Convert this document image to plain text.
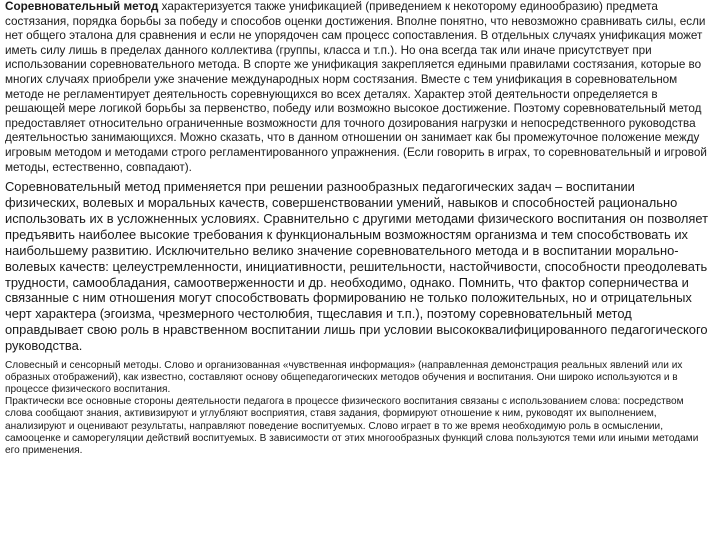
Соревновательный метод характеризуется также унификацией (приведением к некоторому единообразию) предмета состязания, порядка борьбы за победу и способов оценки достижения. Вполне понятно, что невозможно сравнивать силы, если нет общего эталона для сравнения и если не упорядочен сам процесс сопоставления. В отдельных случаях унификация может иметь силу лишь в пределах данного коллектива (группы, класса и т.п.). Но она всегда так или иначе присутствует при использовании соревновательного метода. В спорте же унификация закрепляется едиными правилами состязания, которые во многих случаях приобрели уже значение международных норм состязания. Вместе с тем унификация в соревновательном методе не регламентирует деятельность соревнующихся во всех деталях. Характер этой деятельности определяется в решающей мере логикой борьбы за первенство, победу или возможно высокое достижение. Поэтому соревновательный метод предоставляет относительно ограниченные возможности для точного дозирования нагрузки и непосредственного руководства деятельностью занимающихся. Можно сказать, что в данном отношении он занимает как бы промежуточное положение между игровым методом и методами строго регламентированного упражнения. (Если говорить в играх, то соревновательный и игровой методы, естественно, совпадают).

Соревновательный метод применяется при решении разнообразных педагогических задач – воспитании физических, волевых и моральных качеств, совершенствовании умений, навыков и способностей рационально использовать их в усложненных условиях. Сравнительно с другими методами физического воспитания он позволяет предъявить наиболее высокие требования к функциональным возможностям организма и тем способствовать их наибольшему развитию. Исключительно велико значение соревновательного метода и в воспитании морально-волевых качеств: целеустремленности, инициативности, решительности, настойчивости, способности преодолевать трудности, самообладания, самоотверженности и др. необходимо, однако. Помнить, что фактор соперничества и связанные с ним отношения могут способствовать формированию не только положительных, но и отрицательных черт характера (эгоизма, чрезмерного честолюбия, тщеславия и т.п.), поэтому соревновательный метод оправдывает свою роль в нравственном воспитании лишь при условии высококвалифицированного педагогического руководства.

Словесный и сенсорный методы. Слово и организованная «чувственная информация» (направленная демонстрация реальных явлений или их образных отображений), как известно, составляют основу общепедагогических методов обучения и воспитания. Они широко используются и в процессе физического воспитания.

Практически все основные стороны деятельности педагога в процессе физического воспитания связаны с использованием слова: посредством слова сообщают знания, активизируют и углубляют восприятия, ставя задания, формируют отношение к ним, руководят их выполнением, анализируют и оценивают результаты, направляют поведение воспитуемых. Слово играет в то же время необходимую роль в осмыслении, самооценке и саморегуляции действий воспитуемых. В зависимости от этих многообразных функций слова пользуются теми или иными методами его применения.
